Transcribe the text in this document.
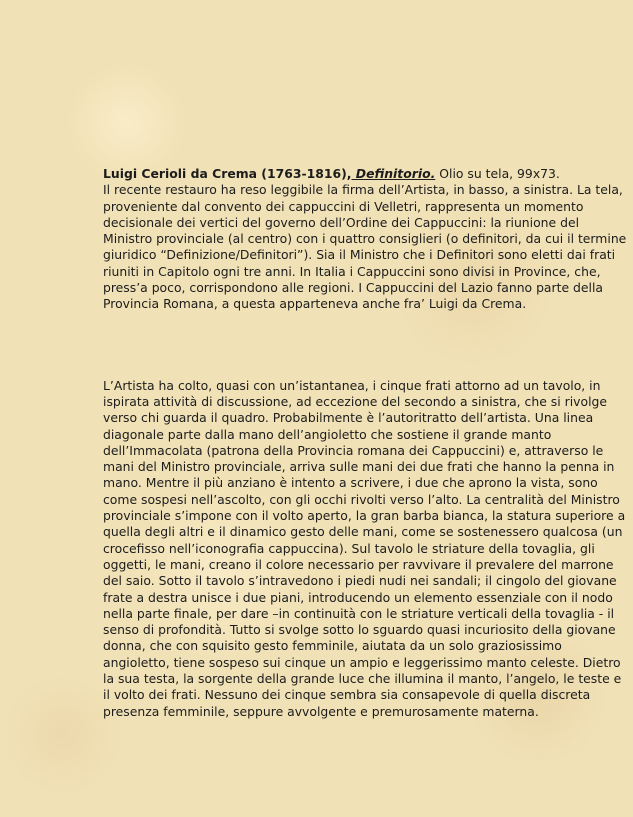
Luigi Cerioli da Crema (1763-1816), Definitorio. Olio su tela, 99x73.
Il recente restauro ha reso leggibile la firma dell’Artista, in basso, a sinistra. La tela, proveniente dal convento dei cappuccini di Velletri, rappresenta un momento decisionale dei vertici del governo dell’Ordine dei Cappuccini: la riunione del Ministro provinciale (al centro) con i quattro consiglieri (o definitori, da cui il termine giuridico “Definizione/Definitori”). Sia il Ministro che i Definitori sono eletti dai frati riuniti in Capitolo ogni tre anni. In Italia i Cappuccini sono divisi in Province, che, press’a poco, corrispondono alle regioni. I Cappuccini del Lazio fanno parte della Provincia Romana, a questa apparteneva anche fra’ Luigi da Crema.

L’Artista ha colto, quasi con un’istantanea, i cinque frati attorno ad un tavolo, in ispirata attività di discussione, ad eccezione del secondo a sinistra, che si rivolge verso chi guarda il quadro. Probabilmente è l’autoritratto dell’artista. Una linea diagonale parte dalla mano dell’angioletto che sostiene il grande manto dell’Immacolata (patrona della Provincia romana dei Cappuccini) e, attraverso le mani del Ministro provinciale, arriva sulle mani dei due frati che hanno la penna in mano. Mentre il più anziano è intento a scrivere, i due che aprono la vista, sono come sospesi nell’ascolto, con gli occhi rivolti verso l’alto. La centralità del Ministro provinciale s’impone con il volto aperto, la gran barba bianca, la statura superiore a quella degli altri e il dinamico gesto delle mani, come se sostenessero qualcosa (un crocefisso nell’iconografia cappuccina). Sul tavolo le striature della tovaglia, gli oggetti, le mani, creano il colore necessario per ravvivare il prevalere del marrone del saio. Sotto il tavolo s’intravedono i piedi nudi nei sandali; il cingolo del giovane frate a destra unisce i due piani, introducendo un elemento essenziale con il nodo nella parte finale, per dare –in continuità con le striature verticali della tovaglia - il senso di profondità. Tutto si svolge sotto lo sguardo quasi incuriosito della giovane donna, che con squisito gesto femminile, aiutata da un solo graziosissimo angioletto, tiene sospeso sui cinque un ampio e leggerissimo manto celeste. Dietro la sua testa, la sorgente della grande luce che illumina il manto, l’angelo, le teste e il volto dei frati. Nessuno dei cinque sembra sia consapevole di quella discreta presenza femminile, seppure avvolgente e premurosamente materna.
